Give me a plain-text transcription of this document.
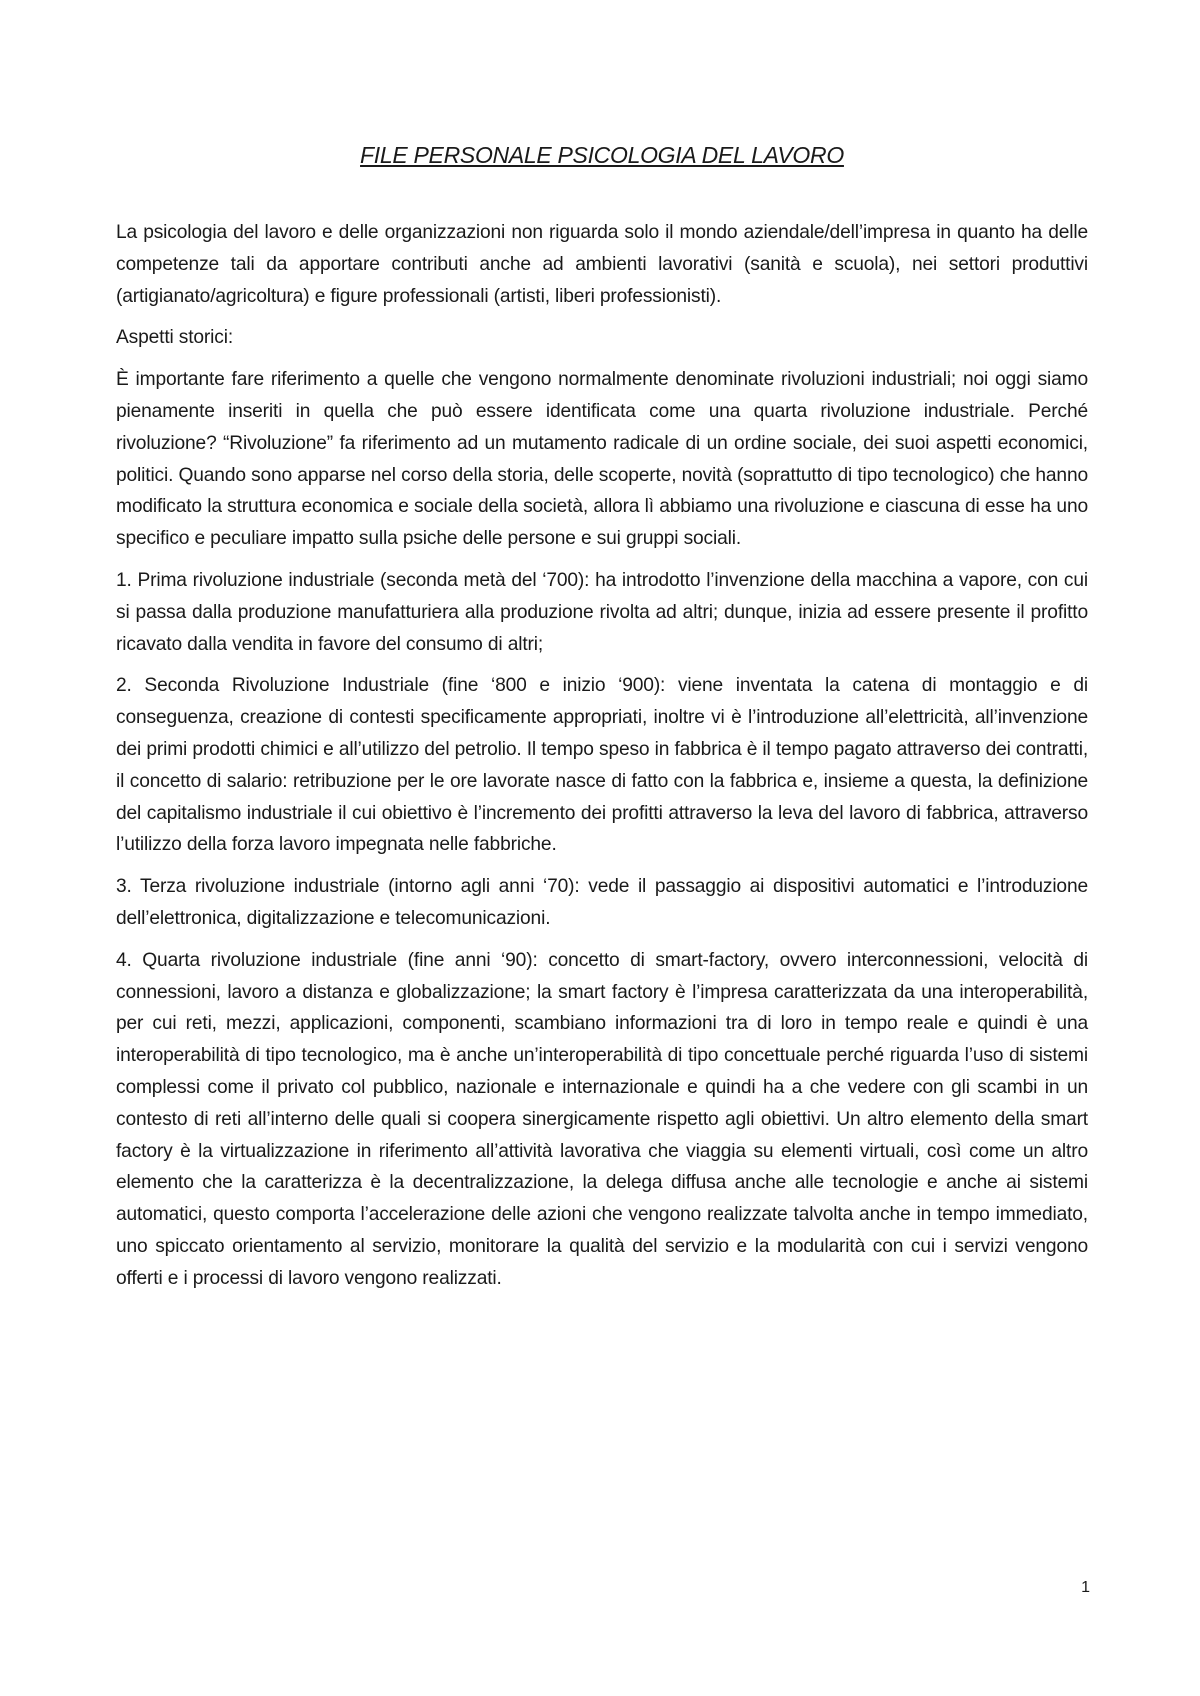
FILE PERSONALE PSICOLOGIA DEL LAVORO

La psicologia del lavoro e delle organizzazioni non riguarda solo il mondo aziendale/dell’impresa in quanto ha delle competenze tali da apportare contributi anche ad ambienti lavorativi (sanità e scuola), nei settori produttivi (artigianato/agricoltura) e figure professionali (artisti, liberi professionisti).

Aspetti storici:

È importante fare riferimento a quelle che vengono normalmente denominate rivoluzioni industriali; noi oggi siamo pienamente inseriti in quella che può essere identificata come una quarta rivoluzione industriale. Perché rivoluzione? “Rivoluzione” fa riferimento ad un mutamento radicale di un ordine sociale, dei suoi aspetti economici, politici. Quando sono apparse nel corso della storia, delle scoperte, novità (soprattutto di tipo tecnologico) che hanno modificato la struttura economica e sociale della società, allora lì abbiamo una rivoluzione e ciascuna di esse ha uno specifico e peculiare impatto sulla psiche delle persone e sui gruppi sociali.

1. Prima rivoluzione industriale (seconda metà del ‘700): ha introdotto l’invenzione della macchina a vapore, con cui si passa dalla produzione manufatturiera alla produzione rivolta ad altri; dunque, inizia ad essere presente il profitto ricavato dalla vendita in favore del consumo di altri;

2. Seconda Rivoluzione Industriale (fine ‘800 e inizio ‘900): viene inventata la catena di montaggio e di conseguenza, creazione di contesti specificamente appropriati, inoltre vi è l’introduzione all’elettricità, all’invenzione dei primi prodotti chimici e all’utilizzo del petrolio. Il tempo speso in fabbrica è il tempo pagato attraverso dei contratti, il concetto di salario: retribuzione per le ore lavorate nasce di fatto con la fabbrica e, insieme a questa, la definizione del capitalismo industriale il cui obiettivo è l’incremento dei profitti attraverso la leva del lavoro di fabbrica, attraverso l’utilizzo della forza lavoro impegnata nelle fabbriche.

3. Terza rivoluzione industriale (intorno agli anni ‘70): vede il passaggio ai dispositivi automatici e l’introduzione dell’elettronica, digitalizzazione e telecomunicazioni.

4. Quarta rivoluzione industriale (fine anni ‘90): concetto di smart-factory, ovvero interconnessioni, velocità di connessioni, lavoro a distanza e globalizzazione; la smart factory è l’impresa caratterizzata da una interoperabilità, per cui reti, mezzi, applicazioni, componenti, scambiano informazioni tra di loro in tempo reale e quindi è una interoperabilità di tipo tecnologico, ma è anche un’interoperabilità di tipo concettuale perché riguarda l’uso di sistemi complessi come il privato col pubblico, nazionale e internazionale e quindi ha a che vedere con gli scambi in un contesto di reti all’interno delle quali si coopera sinergicamente rispetto agli obiettivi. Un altro elemento della smart factory è la virtualizzazione in riferimento all’attività lavorativa che viaggia su elementi virtuali, così come un altro elemento che la caratterizza è la decentralizzazione, la delega diffusa anche alle tecnologie e anche ai sistemi automatici, questo comporta l’accelerazione delle azioni che vengono realizzate talvolta anche in tempo immediato, uno spiccato orientamento al servizio, monitorare la qualità del servizio e la modularità con cui i servizi vengono offerti e i processi di lavoro vengono realizzati.

1
